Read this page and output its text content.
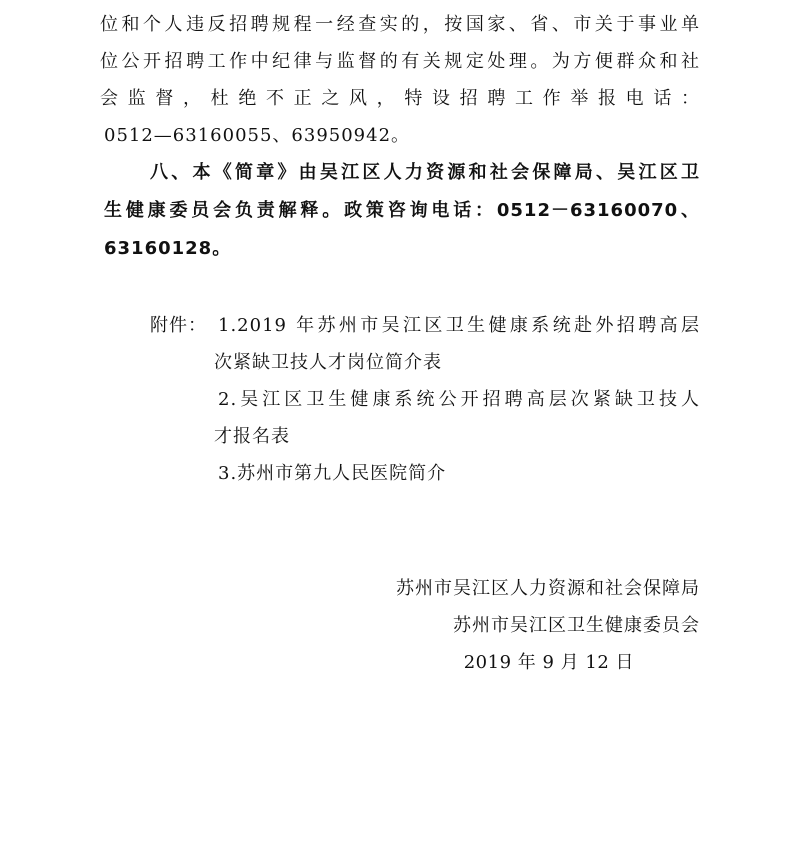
位和个人违反招聘规程一经查实的，按国家、省、市关于事业单
位公开招聘工作中纪律与监督的有关规定处理。为方便群众和社
会监督，杜绝不正之风，特设招聘工作举报电话：
0512—63160055、63950942。
八、本《简章》由吴江区人力资源和社会保障局、吴江区卫
生健康委员会负责解释。政策咨询电话：0512－63160070、
63160128。
附件： 1.2019 年苏州市吴江区卫生健康系统赴外招聘高层
次紧缺卫技人才岗位简介表
2.吴江区卫生健康系统公开招聘高层次紧缺卫技人
才报名表
3.苏州市第九人民医院简介
苏州市吴江区人力资源和社会保障局
苏州市吴江区卫生健康委员会
2019 年 9 月 12 日
